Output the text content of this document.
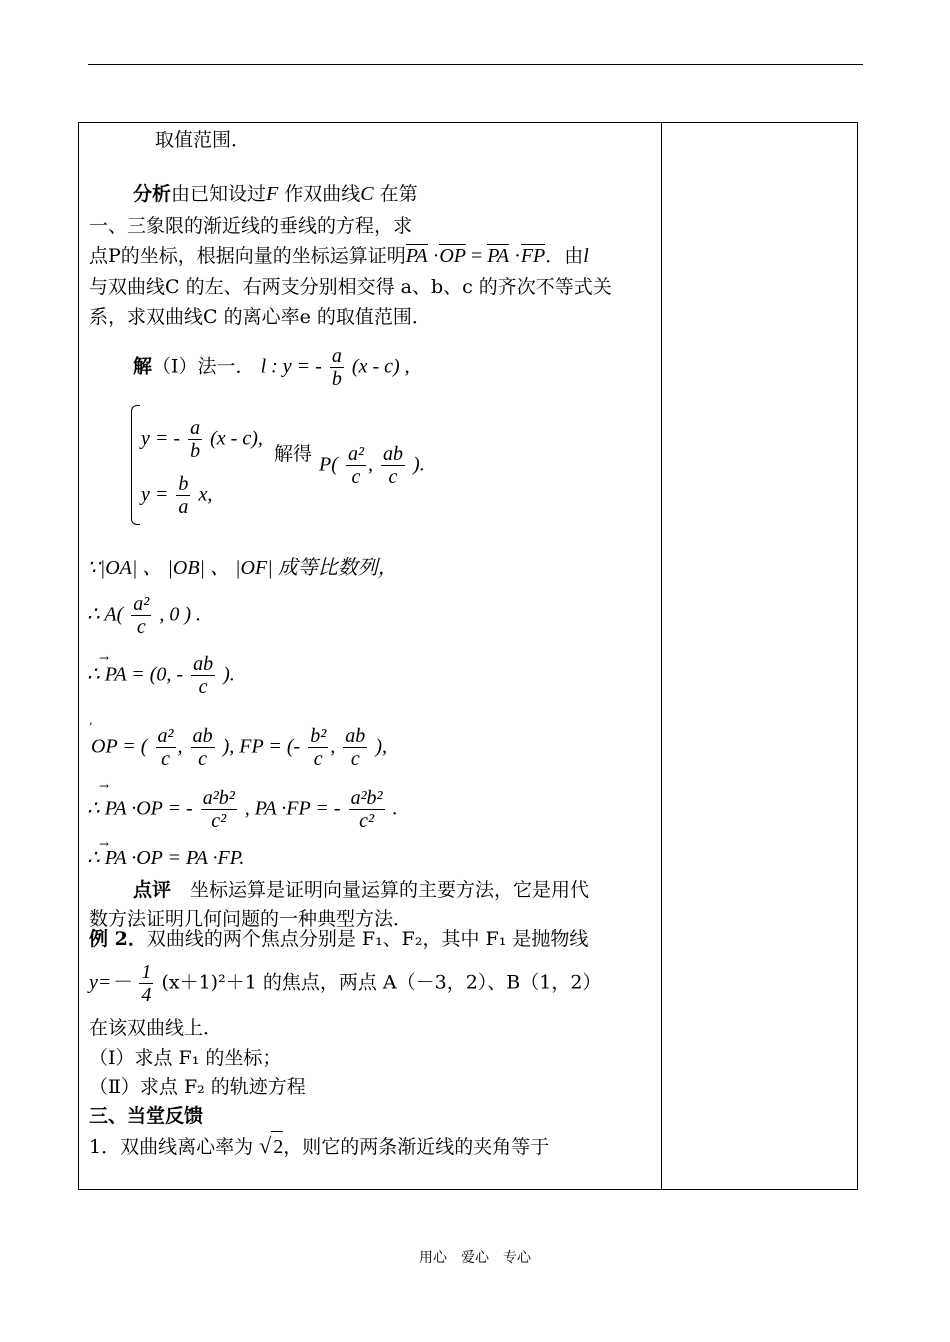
取值范围．
分析由已知设过F 作双曲线C 在第
一、三象限的渐近线的垂线的方程，求
点P的坐标，根据向量的坐标运算证明PA ·OP = PA ·FP．由l
与双曲线C 的左、右两支分别相交得 a、b、c 的齐次不等式关
系，求双曲线C 的离心率e 的取值范围．
解（Ⅰ）法一． l : y = - $\frac{a}{b} (x - c)$ ,
y = - $\frac{a}{b} (x - c)$,
解得 $P( \frac{\text{a²}}{c}$ , $\frac{ab}{c}$ ).
$y = \frac{b}{a} x$,
∵|OA| 、 |OB| 、 |OF| 成等比数列，
∴ $A( \frac{\text{a²}}{c}$ , 0 ) .
→
∴ PA = (0, - $\frac{ab}{c}$ ).
,
OP = ( $\frac{\text{a²}}{c}$ , $\frac{ab}{c}$ ), FP = (- $\frac{\text{b²}}{c}$ , $\frac{ab}{c}$ ),
→
∴ PA ·OP = - $\frac{\text{a²b²}}{\text{c²}}$ , PA ·FP = - $\frac{\text{a²b²}}{\text{c²}}$ .
→
∴ PA ·OP = PA ·FP.
点评　坐标运算是证明向量运算的主要方法，它是用代
数方法证明几何问题的一种典型方法．
例 2．双曲线的两个焦点分别是 F₁、F₂，其中 F₁ 是抛物线
$y=- \frac{1}{4} (x+1)^2+1$ 的焦点，两点 A（－3，2）、B（1，2）
在该双曲线上．
（Ⅰ）求点 F₁ 的坐标；
（Ⅱ）求点 F₂ 的轨迹方程
三、当堂反馈
1．双曲线离心率为 √ 2，则它的两条渐近线的夹角等于
用心　爱心　专心
